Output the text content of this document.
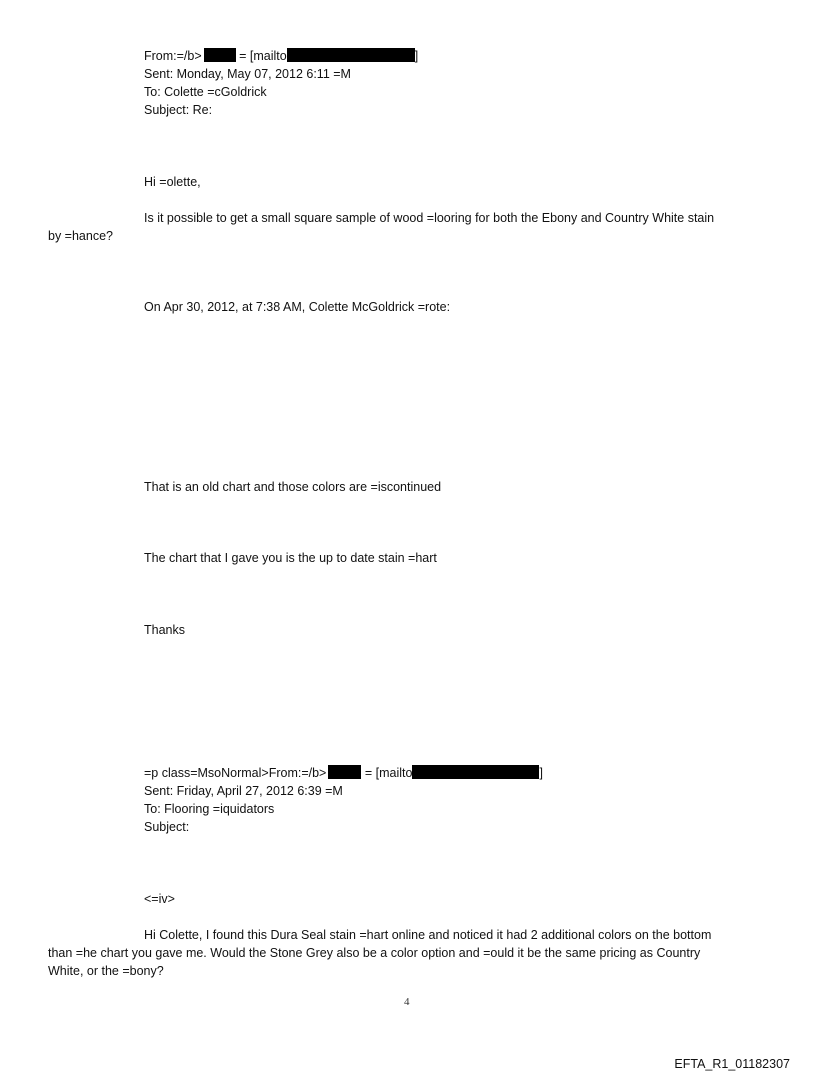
From:=/b>	= [mailto	]
Sent: Monday, May 07, 2012 6:11 =M
To: Colette =cGoldrick
Subject: Re:
Hi =olette,
Is it possible to get a small square sample of wood =looring for both the Ebony and Country White stain
by =hance?
On Apr 30, 2012, at 7:38 AM, Colette McGoldrick =rote:
That is an old chart and those colors are =iscontinued
The chart that I gave you is the up to date stain =hart
Thanks
=p class=MsoNormal>From:=/b>	= [mailto	]
Sent: Friday, April 27, 2012 6:39 =M
To: Flooring =iquidators
Subject:
<=iv>
Hi Colette, I found this Dura Seal stain =hart online and noticed it had 2 additional colors on the bottom
than =he chart you gave me. Would the Stone Grey also be a color option and =ould it be the same pricing as Country
White, or the =bony?
4
EFTA_R1_01182307
